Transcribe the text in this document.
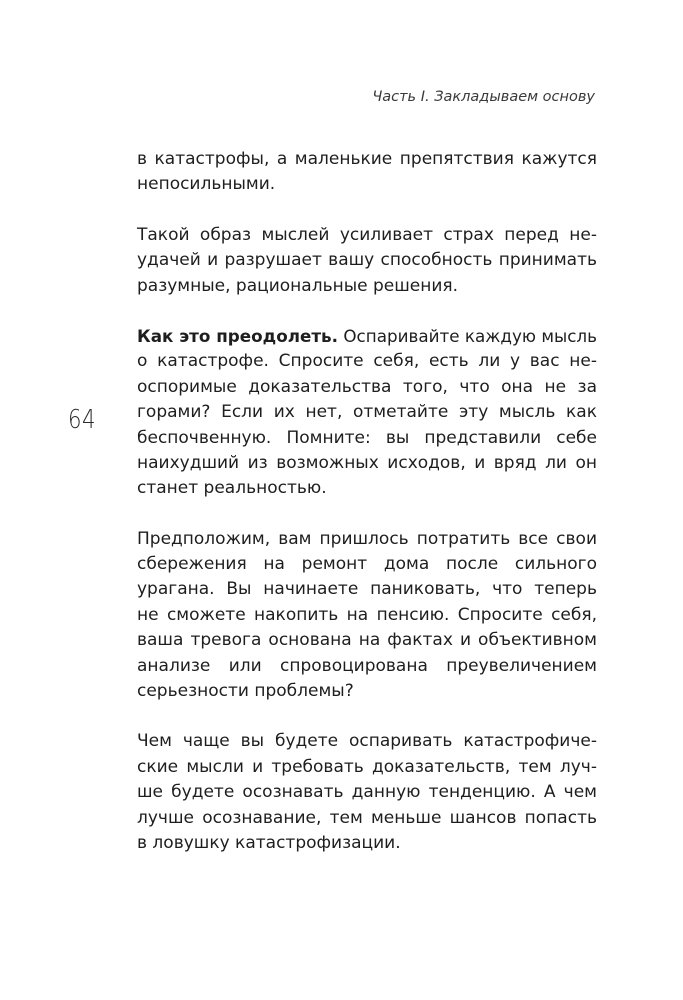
Часть I. Закладываем основу
64
в катастрофы, а маленькие препятствия кажутся
непосильными.
Такой образ мыслей усиливает страх перед не-
удачей и разрушает вашу способность принимать
разумные, рациональные решения.
Как это преодолеть. Оспаривайте каждую мысль
о катастрофе. Спросите себя, есть ли у вас не-
оспоримые доказательства того, что она не за
горами? Если их нет, отметайте эту мысль как
беспочвенную. Помните: вы представили себе
наихудший из возможных исходов, и вряд ли он
станет реальностью.
Предположим, вам пришлось потратить все свои
сбережения на ремонт дома после сильного
урагана. Вы начинаете паниковать, что теперь
не сможете накопить на пенсию. Спросите себя,
ваша тревога основана на фактах и объективном
анализе или спровоцирована преувеличением
серьезности проблемы?
Чем чаще вы будете оспаривать катастрофиче-
ские мысли и требовать доказательств, тем луч-
ше будете осознавать данную тенденцию. А чем
лучше осознавание, тем меньше шансов попасть
в ловушку катастрофизации.
